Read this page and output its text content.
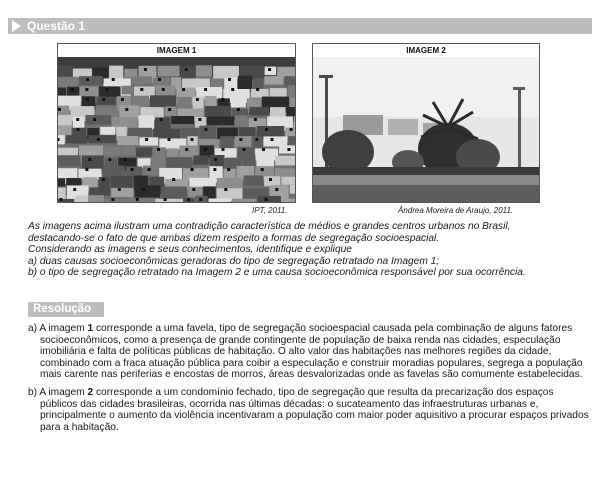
Questão 1
IMAGEM 1	IMAGEM 2
IPT, 2011.	Ândrea Moreira de Araujo, 2011.

As imagens acima ilustram uma contradição característica de médios e grandes centros urbanos no Brasil,

destacando-se o fato de que ambas dizem respeito a formas de segregação socioespacial.

Considerando as imagens e seus conhecimentos, identifique e explique

a) duas causas socioeconômicas geradoras do tipo de segregação retratado na Imagem 1;

b) o tipo de segregação retratado na Imagem 2 e uma causa socioeconômica responsável por sua ocorrência.

Resolução

a) A imagem 1 corresponde a uma favela, tipo de segregação socioespacial causada pela combinação de alguns fatores socioeconômicos, como a presença de grande contingente de população de baixa renda nas cidades, especulação imobiliária e falta de políticas públicas de habitação. O alto valor das habitações nas melhores regiões da cidade, combinado com a fraca atuação pública para coibir a especulação e construir moradias populares, segrega a população mais carente nas periferias e encostas de morros, áreas desvalorizadas onde as favelas são comumente estabelecidas.

b) A imagem 2 corresponde a um condomínio fechado, tipo de segregação que resulta da precarização dos espaços públicos das cidades brasileiras, ocorrida nas últimas décadas: o sucateamento das infraestruturas urbanas e, principalmente o aumento da violência incentivaram a população com maior poder aquisitivo a procurar espaços privados para a habitação.
